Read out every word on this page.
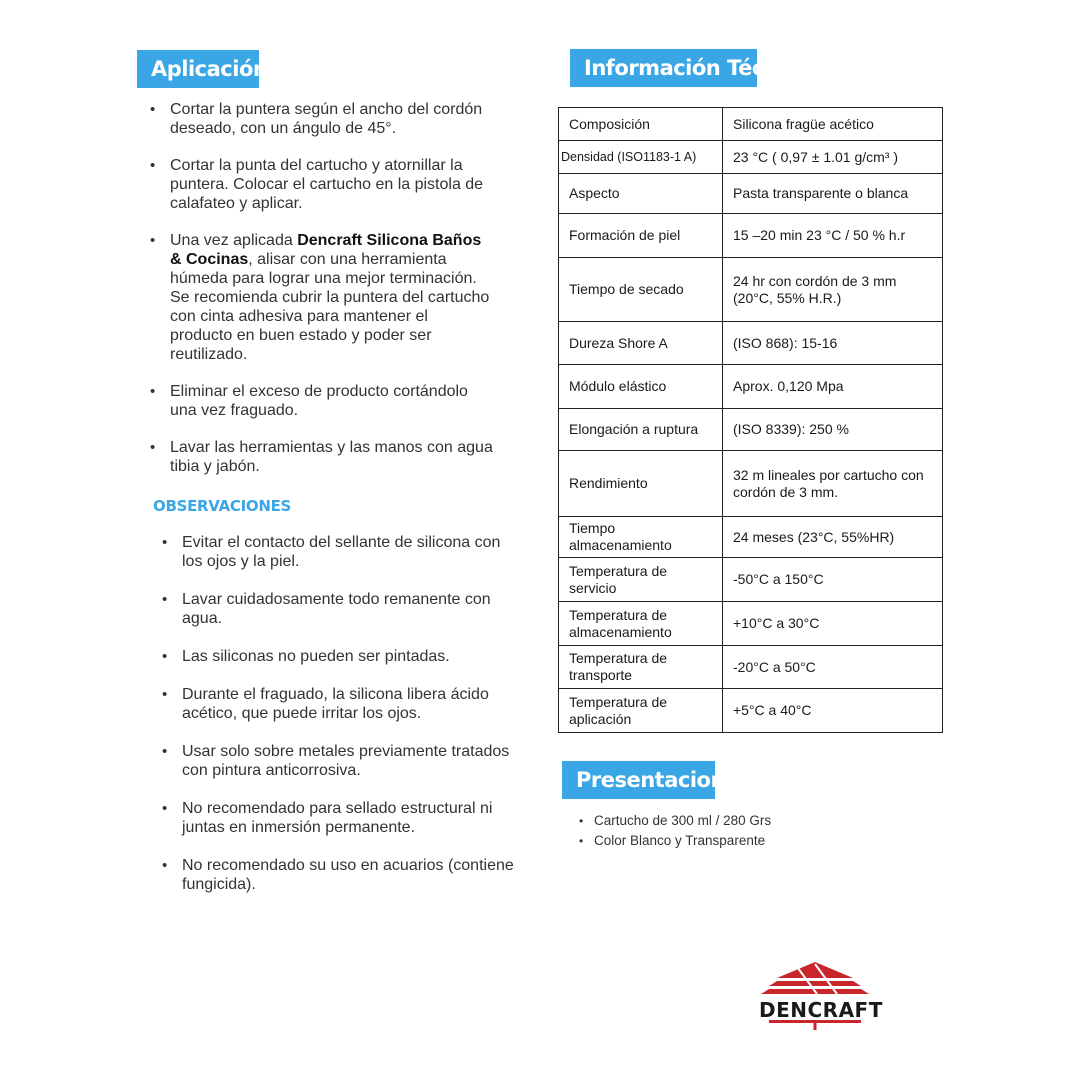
Aplicación
• Cortar la puntera según el ancho del cordón deseado, con un ángulo de 45°.
• Cortar la punta del cartucho y atornillar la puntera. Colocar el cartucho en la pistola de calafateo y aplicar.
• Una vez aplicada Dencraft Silicona Baños & Cocinas, alisar con una herramienta húmeda para lograr una mejor terminación. Se recomienda cubrir la puntera del cartucho con cinta adhesiva para mantener el producto en buen estado y poder ser reutilizado.
• Eliminar el exceso de producto cortándolo una vez fraguado.
• Lavar las herramientas y las manos con agua tibia y jabón.
OBSERVACIONES
• Evitar el contacto del sellante de silicona con los ojos y la piel.
• Lavar cuidadosamente todo remanente con agua.
• Las siliconas no pueden ser pintadas.
• Durante el fraguado, la silicona libera ácido acético, que puede irritar los ojos.
• Usar solo sobre metales previamente tratados con pintura anticorrosiva.
• No recomendado para sellado estructural ni juntas en inmersión permanente.
• No recomendado su uso en acuarios (contiene fungicida).
Información Técnica
Composición	Silicona fragüe acético
Densidad (ISO1183-1 A)	23 °C ( 0,97 ± 1.01 g/cm³ )
Aspecto	Pasta transparente o blanca
Formación de piel	15 –20 min 23 °C / 50 % h.r
Tiempo de secado	24 hr con cordón de 3 mm (20°C, 55% H.R.)
Dureza Shore A	(ISO 868): 15-16
Módulo elástico	Aprox. 0,120 Mpa
Elongación a ruptura	(ISO 8339): 250 %
Rendimiento	32 m lineales por cartucho con cordón de 3 mm.
Tiempo almacenamiento	24 meses (23°C, 55%HR)
Temperatura de servicio	-50°C a 150°C
Temperatura de almacenamiento	+10°C a 30°C
Temperatura de transporte	-20°C a 50°C
Temperatura de aplicación	+5°C a 40°C
Presentaciones
• Cartucho de 300 ml / 280 Grs
• Color Blanco y Transparente
DENCRAFT
